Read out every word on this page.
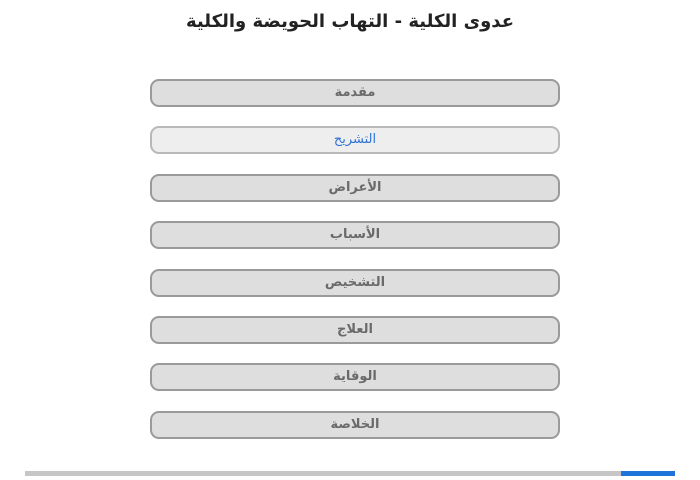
عدوى الكلية - التهاب الحويضة والكلية
مقدمة
التشريح
الأعراض
الأسباب
التشخيص
العلاج
الوقاية
الخلاصة
